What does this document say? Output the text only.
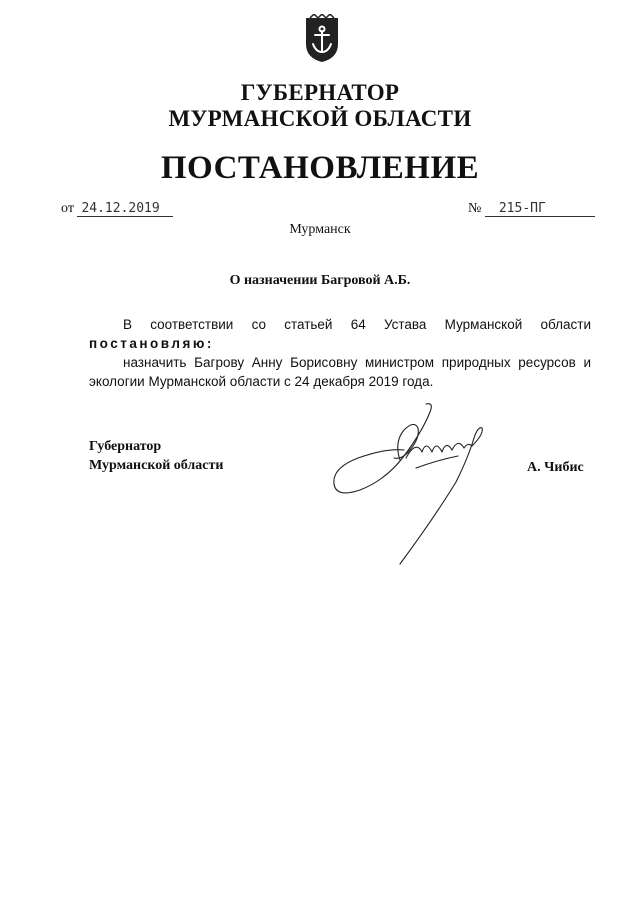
ГУБЕРНАТОР
МУРМАНСКОЙ ОБЛАСТИ
ПОСТАНОВЛЕНИЕ
от 24.12.2019	№ 215-ПГ
Мурманск
О назначении Багровой А.Б.
В соответствии со статьей 64 Устава Мурманской области
постановляю:
назначить Багрову Анну Борисовну министром природных ресурсов и экологии Мурманской области с 24 декабря 2019 года.
Губернатор
Мурманской области	А. Чибис
